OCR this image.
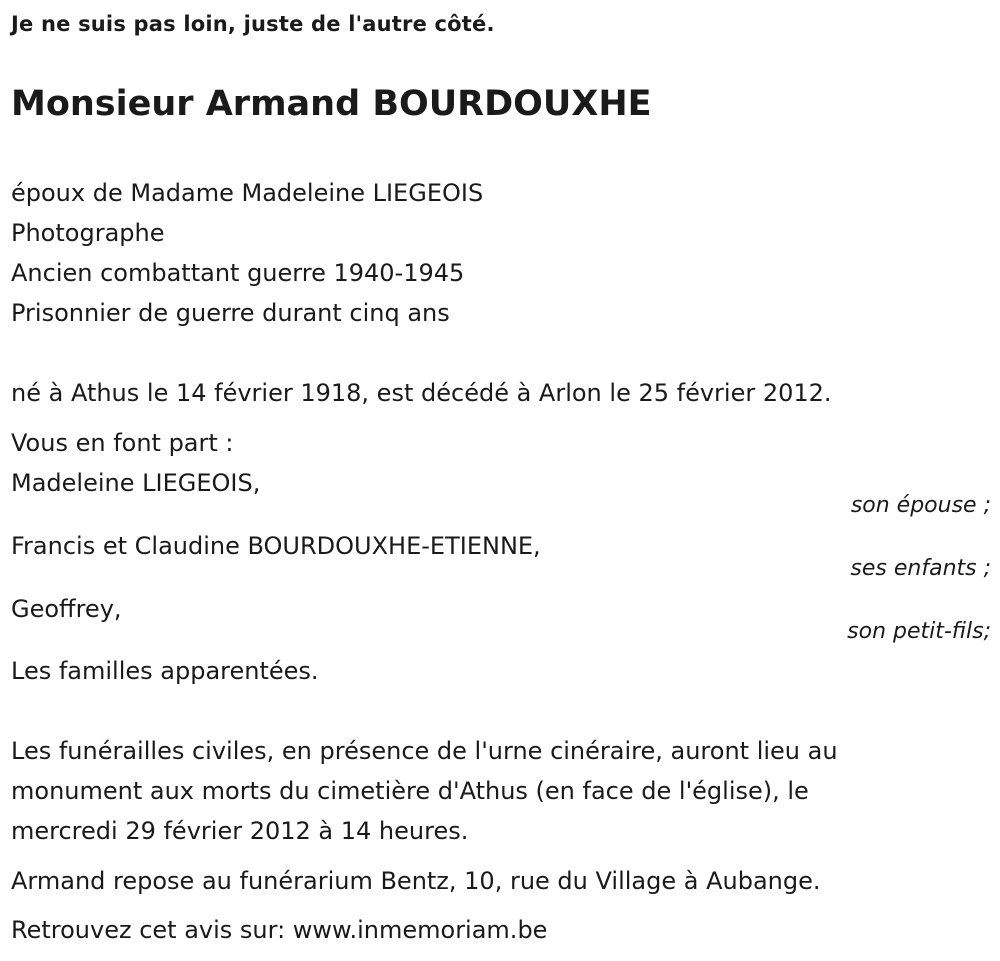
Je ne suis pas loin, juste de l'autre côté.
Monsieur Armand BOURDOUXHE
époux de Madame Madeleine LIEGEOIS
Photographe
Ancien combattant guerre 1940-1945
Prisonnier de guerre durant cinq ans
né à Athus le 14 février 1918, est décédé à Arlon le 25 février 2012.
Vous en font part :
Madeleine LIEGEOIS,
son épouse ;
Francis et Claudine BOURDOUXHE-ETIENNE,
ses enfants ;
Geoffrey,
son petit-fils;
Les familles apparentées.
Les funérailles civiles, en présence de l'urne cinéraire, auront lieu au
monument aux morts du cimetière d'Athus (en face de l'église), le
mercredi 29 février 2012 à 14 heures.
Armand repose au funérarium Bentz, 10, rue du Village à Aubange.
Retrouvez cet avis sur: www.inmemoriam.be
